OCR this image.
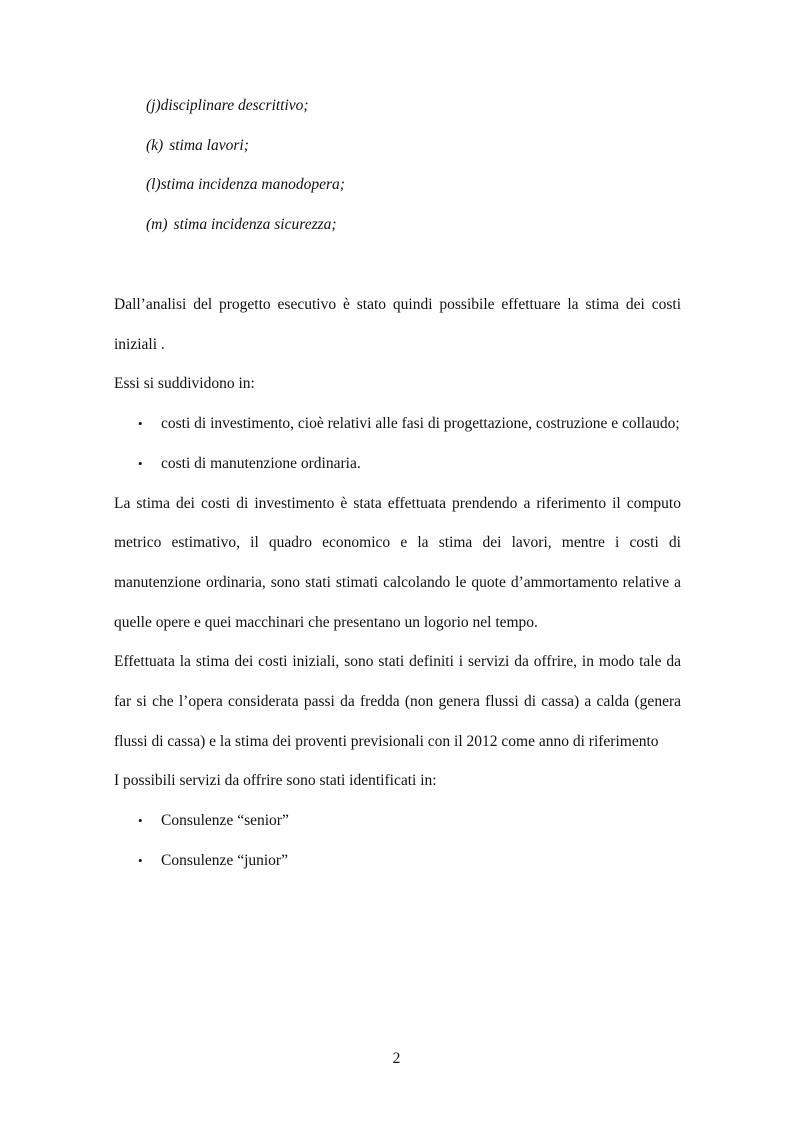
(j)disciplinare descrittivo;
(k) stima lavori;
(l)stima incidenza manodopera;
(m) stima incidenza sicurezza;

Dall’analisi del progetto esecutivo è stato quindi possibile effettuare la stima dei costi iniziali .

Essi si suddividono in:

• costi di investimento, cioè relativi alle fasi di progettazione, costruzione e collaudo;

• costi di manutenzione ordinaria.

La stima dei costi di investimento è stata effettuata prendendo a riferimento il computo metrico estimativo, il quadro economico e la stima dei lavori, mentre i costi di manutenzione ordinaria, sono stati stimati calcolando le quote d’ammortamento relative a quelle opere e quei macchinari che presentano un logorio nel tempo.

Effettuata la stima dei costi iniziali, sono stati definiti i servizi da offrire, in modo tale da far si che l’opera considerata passi da fredda (non genera flussi di cassa) a calda (genera flussi di cassa) e la stima dei proventi previsionali con il 2012 come anno di riferimento

I possibili servizi da offrire sono stati identificati in:

• Consulenze “senior”

• Consulenze “junior”

2
